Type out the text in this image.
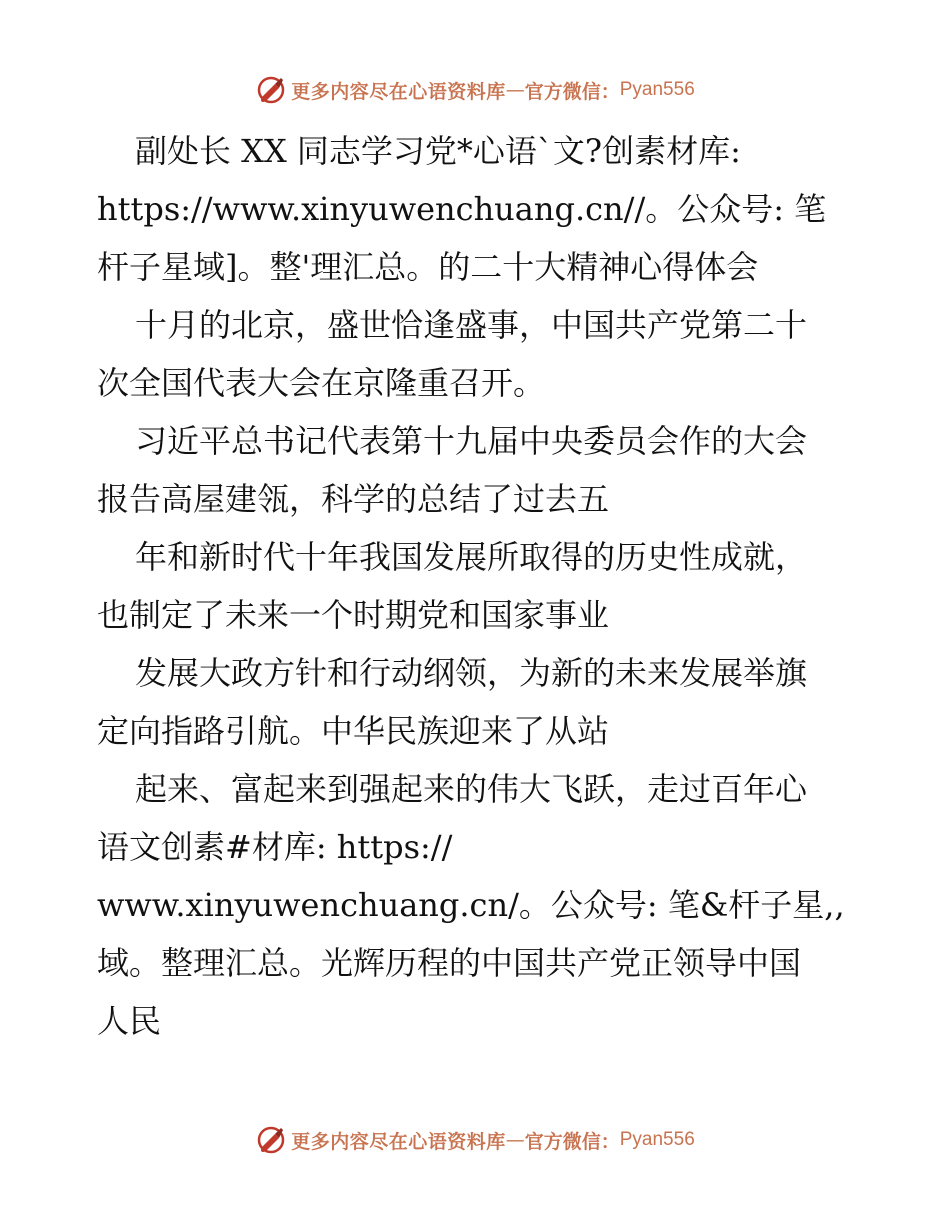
更多内容尽在心语资料库 — 官方微信： Pyan556
副处长 XX 同志学习党*心语`文?创素材库:
https://www.xinyuwenchuang.cn//。公众号: 笔
杆子星域]。整'理汇总。的二十大精神心得体会
十月的北京，盛世恰逢盛事，中国共产党第二十
次全国代表大会在京隆重召开。
习近平总书记代表第十九届中央委员会作的大会
报告高屋建瓴，科学的总结了过去五
年和新时代十年我国发展所取得的历史性成就，
也制定了未来一个时期党和国家事业
发展大政方针和行动纲领，为新的未来发展举旗
定向指路引航。中华民族迎来了从站
起来、富起来到强起来的伟大飞跃，走过百年心
语文创素#材库: https://
www.xinyuwenchuang.cn/。公众号: 笔&杆子星,,
域。整理汇总。光辉历程的中国共产党正领导中国
人民
更多内容尽在心语资料库 — 官方微信： Pyan556
